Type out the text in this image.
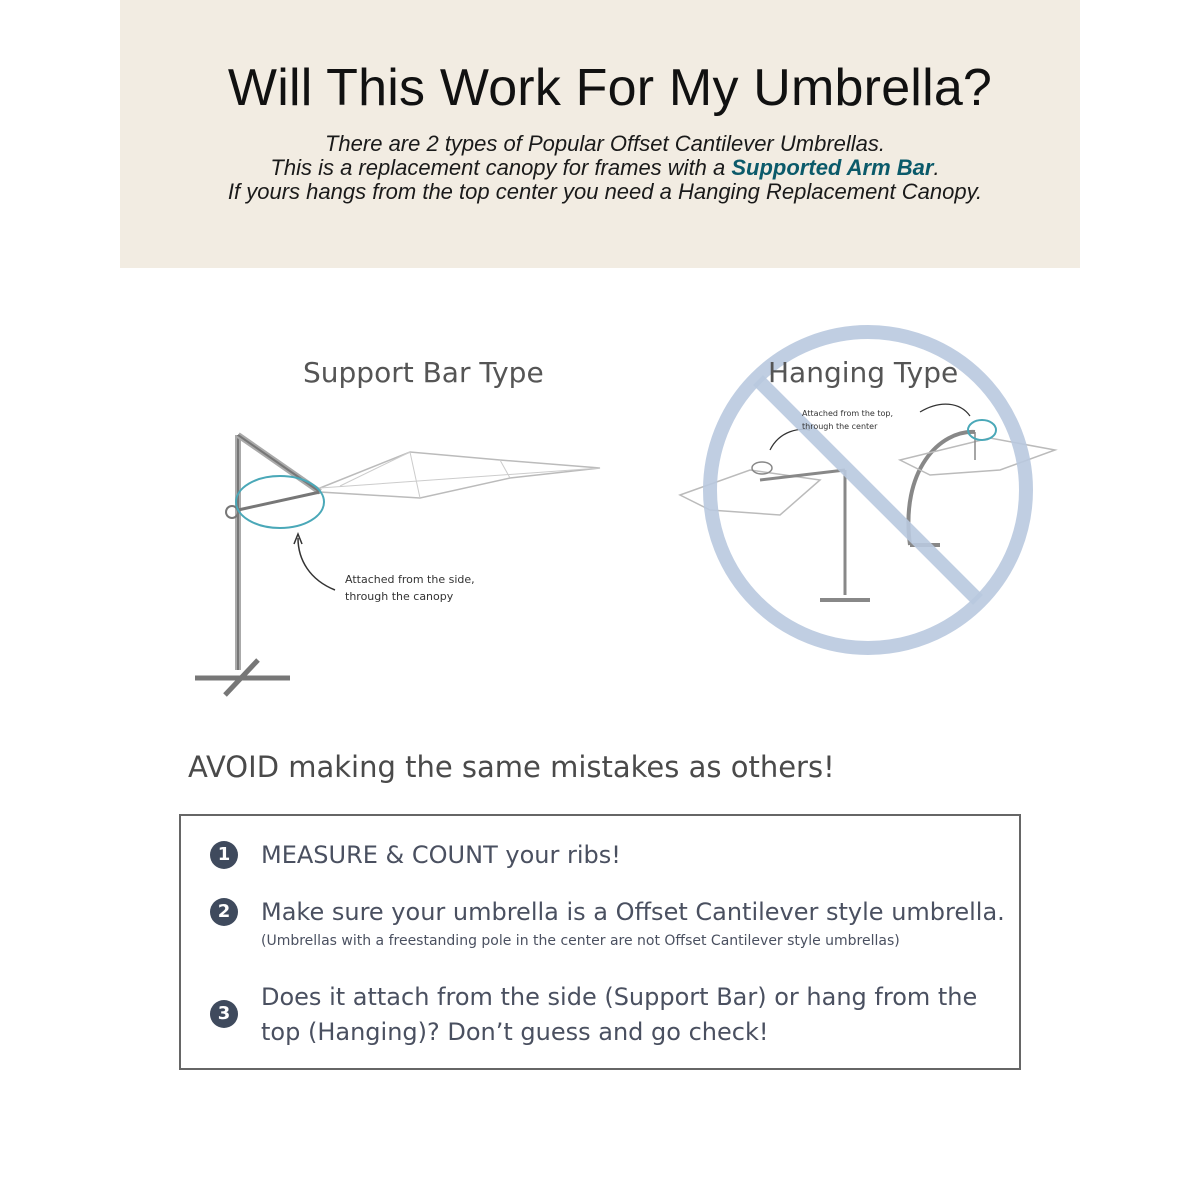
Will This Work For My Umbrella?
There are 2 types of Popular Offset Cantilever Umbrellas.
This is a replacement canopy for frames with a Supported Arm Bar.
If yours hangs from the top center you need a Hanging Replacement Canopy.
Support Bar Type
Attached from the side,
through the canopy
Hanging Type
Attached from the top,
through the center
AVOID making the same mistakes as others!
1	MEASURE & COUNT your ribs!
2	Make sure your umbrella is a Offset Cantilever style umbrella.
(Umbrellas with a freestanding pole in the center are not Offset Cantilever style umbrellas)
3
Does it attach from the side (Support Bar) or hang from the
top (Hanging)? Don’t guess and go check!
